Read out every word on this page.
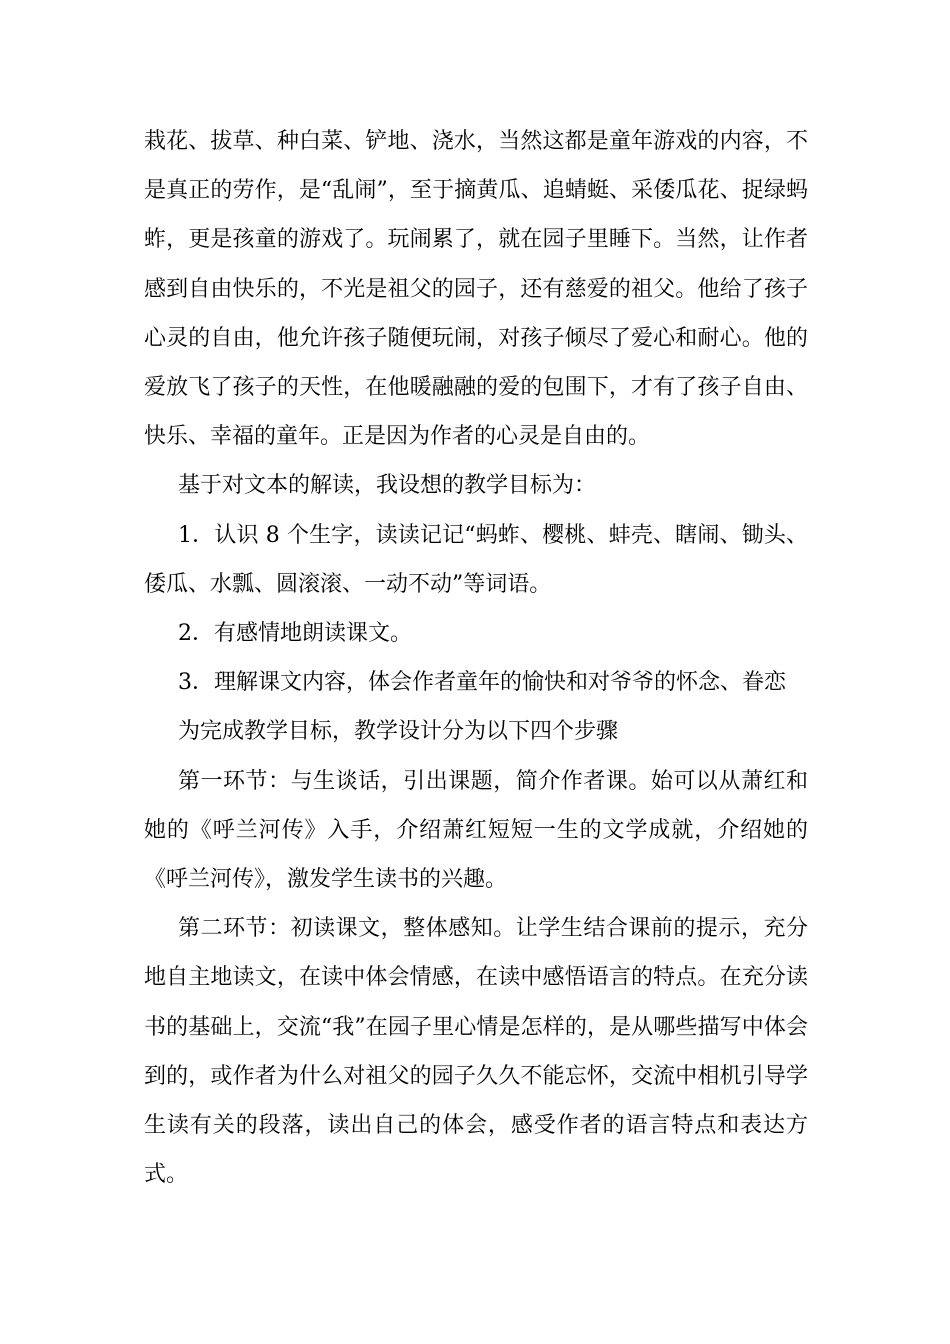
栽花、拔草、种白菜、铲地、浇水，当然这都是童年游戏的内容，不是真正的劳作，是“乱闹”，至于摘黄瓜、追蜻蜓、采倭瓜花、捉绿蚂蚱，更是孩童的游戏了。玩闹累了，就在园子里睡下。当然，让作者感到自由快乐的，不光是祖父的园子，还有慈爱的祖父。他给了孩子心灵的自由，他允许孩子随便玩闹，对孩子倾尽了爱心和耐心。他的爱放飞了孩子的天性，在他暖融融的爱的包围下，才有了孩子自由、快乐、幸福的童年。正是因为作者的心灵是自由的。

基于对文本的解读，我设想的教学目标为：

1．认识 8 个生字，读读记记“蚂蚱、樱桃、蚌壳、瞎闹、锄头、倭瓜、水瓢、圆滚滚、一动不动”等词语。

2．有感情地朗读课文。

3．理解课文内容，体会作者童年的愉快和对爷爷的怀念、眷恋

为完成教学目标，教学设计分为以下四个步骤

第一环节：与生谈话，引出课题，简介作者课。始可以从萧红和她的《呼兰河传》入手，介绍萧红短短一生的文学成就，介绍她的《呼兰河传》，激发学生读书的兴趣。

第二环节：初读课文，整体感知。让学生结合课前的提示，充分地自主地读文，在读中体会情感，在读中感悟语言的特点。在充分读书的基础上，交流“我”在园子里心情是怎样的，是从哪些描写中体会到的，或作者为什么对祖父的园子久久不能忘怀，交流中相机引导学生读有关的段落，读出自己的体会，感受作者的语言特点和表达方式。
